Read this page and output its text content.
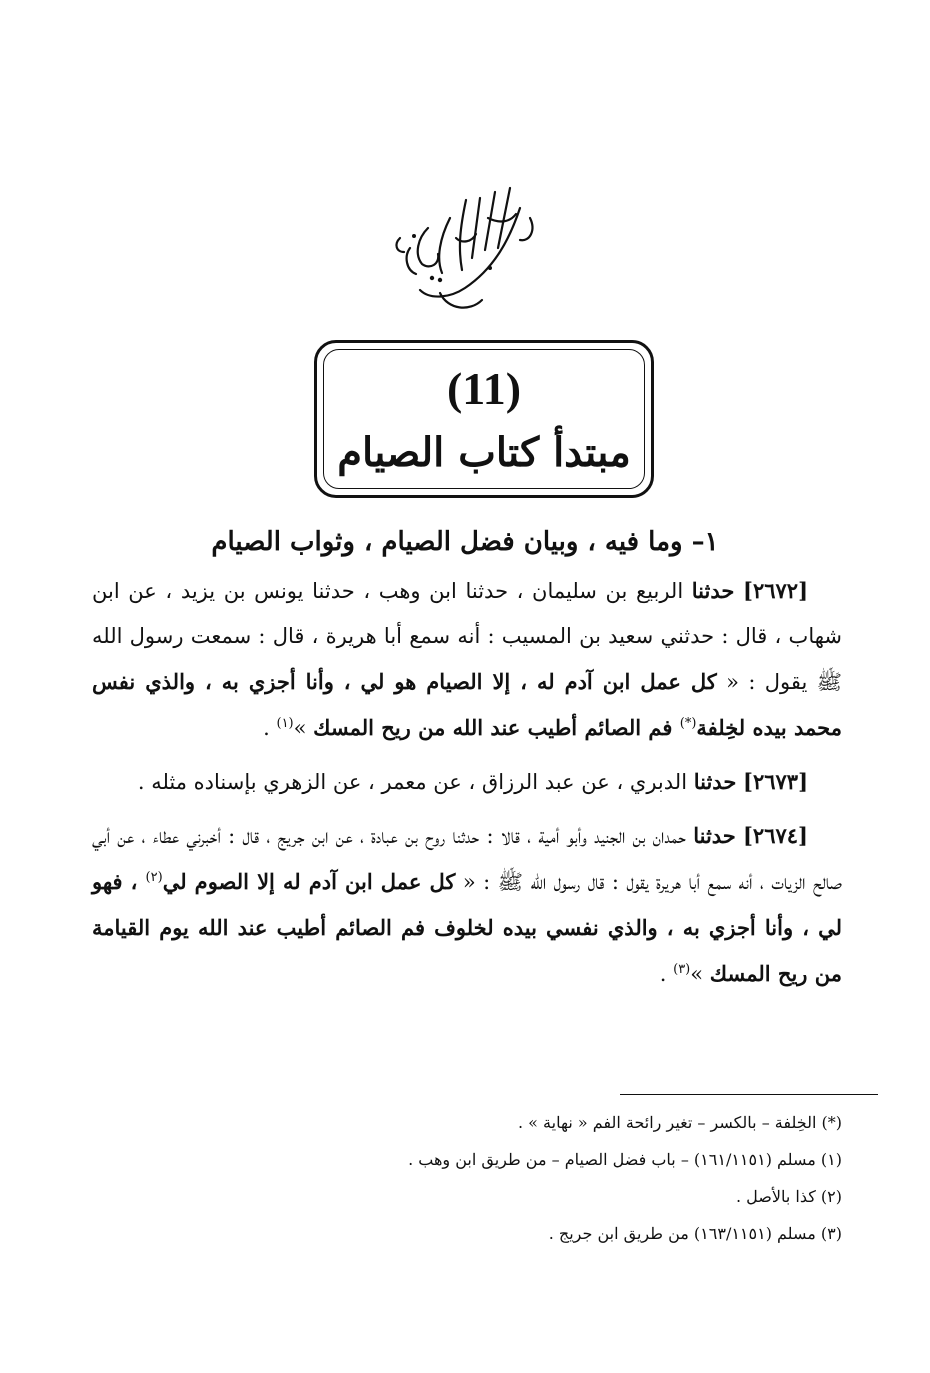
(11)
مبتدأ كتاب الصيام
١– وما فيه ، وبيان فضل الصيام ، وثواب الصيام

[٢٦٧٢] حدثنا الربيع بن سليمان ، حدثنا ابن وهب ، حدثنا يونس بن يزيد ، عن ابن شهاب ، قال : حدثني سعيد بن المسيب : أنه سمع أبا هريرة ، قال : سمعت رسول الله ﷺ يقول : « كل عمل ابن آدم له ، إلا الصيام هو لي ، وأنا أجزي به ، والذي نفس محمد بيده لخِلفة(*) فم الصائم أطيب عند الله من ريح المسك »$^{(١)}$ .

[٢٦٧٣] حدثنا الدبري ، عن عبد الرزاق ، عن معمر ، عن الزهري بإسناده مثله .

[٢٦٧٤] حدثنا حمدان بن الجنيد وأبو أمية ، قالا : حدثنا روح بن عبادة ، عن ابن جريج ، قال : أخبرني عطاء ، عن أبي صالح الزيات ، أنه سمع أبا هريرة يقول : قال رسول الله ﷺ : « كل عمل ابن آدم له إلا الصوم لي$^{(٢)}$ ، فهو لي ، وأنا أجزي به ، والذي نفسي بيده لخلوف فم الصائم أطيب عند الله يوم القيامة من ريح المسك »$^{(٣)}$ .

(*) الخِلفة – بالكسر – تغير رائحة الفم « نهاية » .

(١) مسلم (١٦١/١١٥١) – باب فضل الصيام – من طريق ابن وهب .

(٢) كذا بالأصل .

(٣) مسلم (١٦٣/١١٥١) من طريق ابن جريج .
